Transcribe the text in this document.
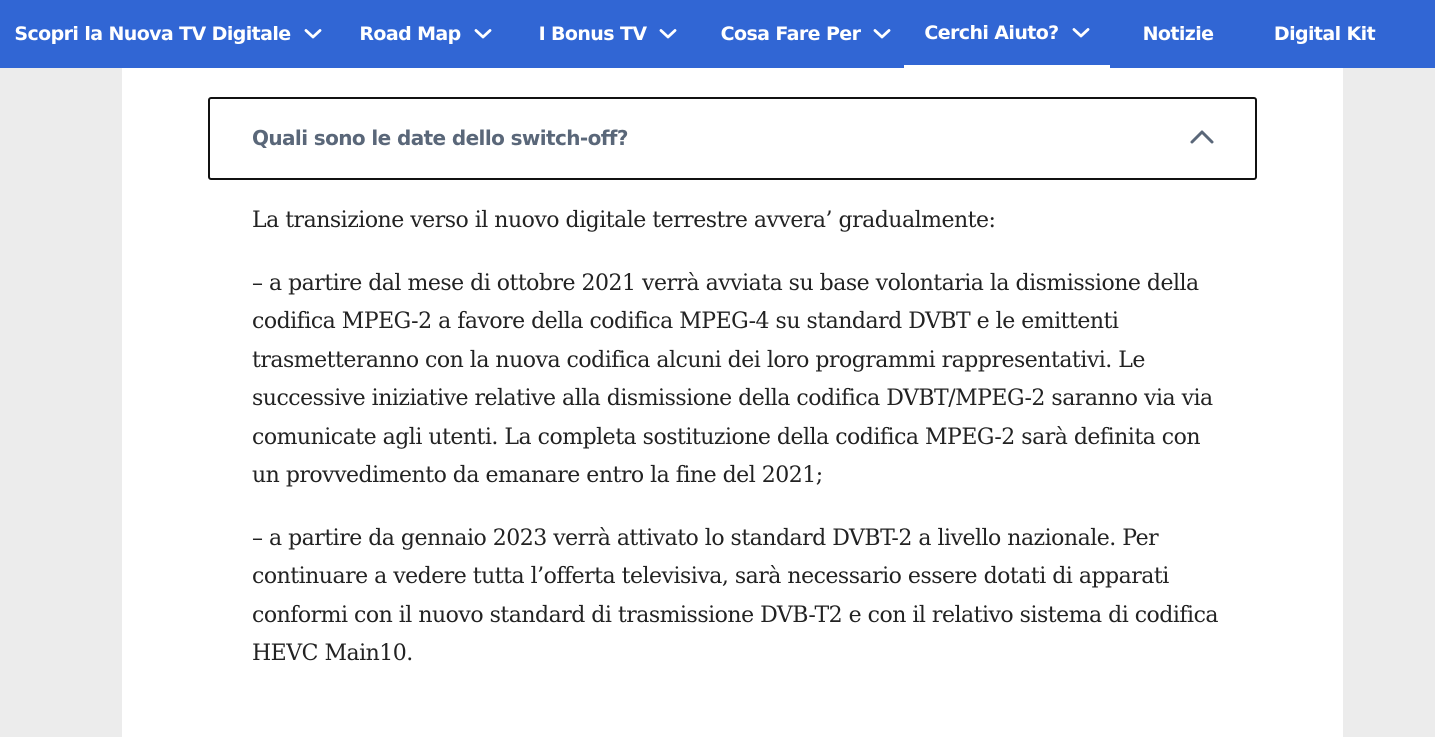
Scopri la Nuova TV Digitale	Road Map	I Bonus TV	Cosa Fare Per	Cerchi Aiuto?	Notizie	Digital Kit
Quali sono le date dello switch-off?

La transizione verso il nuovo digitale terrestre avvera’ gradualmente:

– a partire dal mese di ottobre 2021 verrà avviata su base volontaria la dismissione della codifica MPEG-2 a favore della codifica MPEG-4 su standard DVBT e le emittenti trasmetteranno con la nuova codifica alcuni dei loro programmi rappresentativi. Le successive iniziative relative alla dismissione della codifica DVBT/MPEG-2 saranno via via comunicate agli utenti. La completa sostituzione della codifica MPEG-2 sarà definita con un provvedimento da emanare entro la fine del 2021;

– a partire da gennaio 2023 verrà attivato lo standard DVBT-2 a livello nazionale. Per continuare a vedere tutta l’offerta televisiva, sarà necessario essere dotati di apparati conformi con il nuovo standard di trasmissione DVB-T2 e con il relativo sistema di codifica HEVC Main10.
